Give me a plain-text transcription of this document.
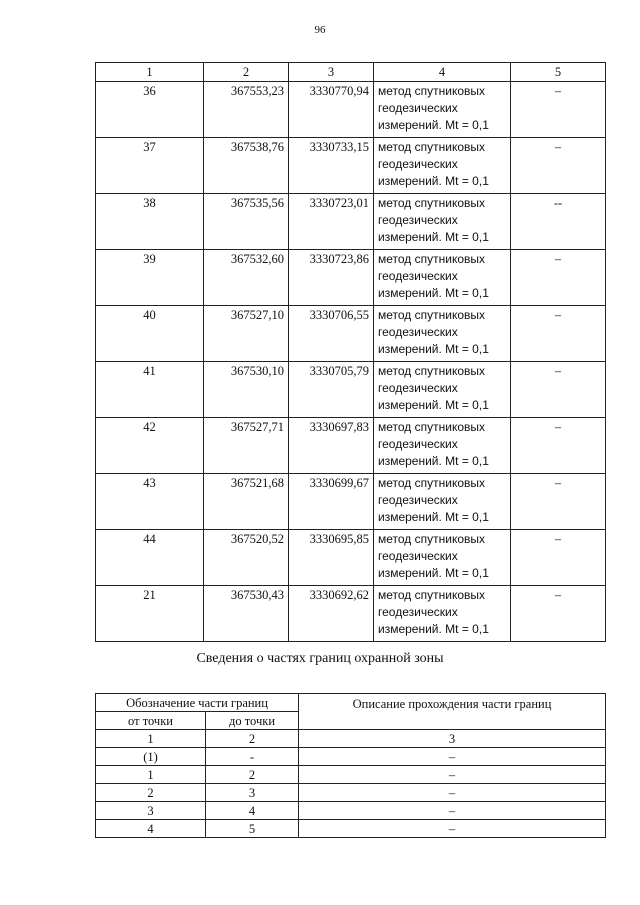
96
1	2	3	4	5
36	367553,23	3330770,94	метод спутниковых
геодезических
измерений. Mt = 0,1	–
37	367538,76	3330733,15	метод спутниковых
геодезических
измерений. Mt = 0,1	–
38	367535,56	3330723,01	метод спутниковых
геодезических
измерений. Mt = 0,1	--
39	367532,60	3330723,86	метод спутниковых
геодезических
измерений. Mt = 0,1	–
40	367527,10	3330706,55	метод спутниковых
геодезических
измерений. Mt = 0,1	–
41	367530,10	3330705,79	метод спутниковых
геодезических
измерений. Mt = 0,1	–
42	367527,71	3330697,83	метод спутниковых
геодезических
измерений. Mt = 0,1	–
43	367521,68	3330699,67	метод спутниковых
геодезических
измерений. Mt = 0,1	–
44	367520,52	3330695,85	метод спутниковых
геодезических
измерений. Mt = 0,1	–
21	367530,43	3330692,62	метод спутниковых
геодезических
измерений. Mt = 0,1	–
Сведения о частях границ охранной зоны
Обозначение части границ		Описание прохождения части границ
от точки	до точки	
1	2	3
(1)	-	–
1	2	–
2	3	–
3	4	–
4	5	–
